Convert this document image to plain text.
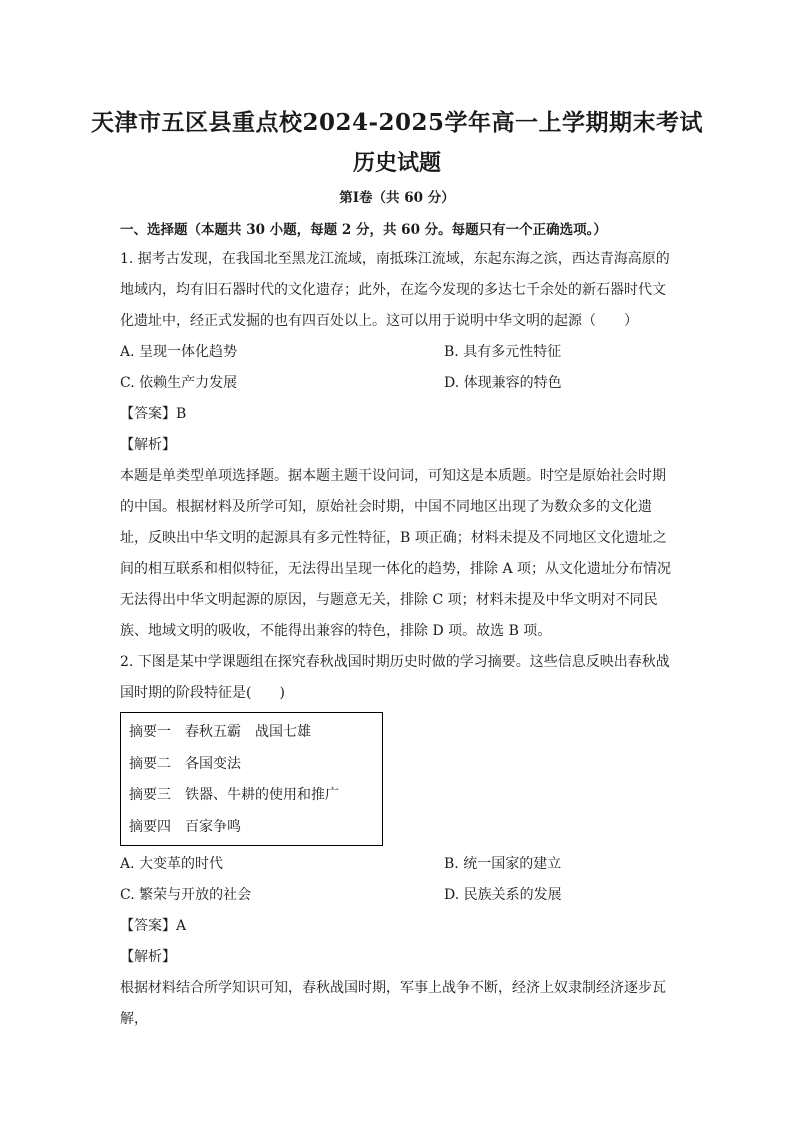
天津市五区县重点校2024-2025学年高一上学期期末考试
历史试题
第Ⅰ卷（共 60 分）
一、选择题（本题共 30 小题，每题 2 分，共 60 分。每题只有一个正确选项。）

1. 据考古发现，在我国北至黑龙江流域，南抵珠江流域，东起东海之滨，西达青海高原的

地域内，均有旧石器时代的文化遗存；此外，在迄今发现的多达七千余处的新石器时代文

化遗址中，经正式发掘的也有四百处以上。这可以用于说明中华文明的起源（　　）

A. 呈现一体化趋势	B. 具有多元性特征
C. 依赖生产力发展	D. 体现兼容的特色

【答案】B

【解析】

本题是单类型单项选择题。据本题主题干设问词，可知这是本质题。时空是原始社会时期

的中国。根据材料及所学可知，原始社会时期，中国不同地区出现了为数众多的文化遗

址，反映出中华文明的起源具有多元性特征，B 项正确；材料未提及不同地区文化遗址之

间的相互联系和相似特征，无法得出呈现一体化的趋势，排除 A 项；从文化遗址分布情况

无法得出中华文明起源的原因，与题意无关，排除 C 项；材料未提及中华文明对不同民

族、地域文明的吸收，不能得出兼容的特色，排除 D 项。故选 B 项。

2. 下图是某中学课题组在探究春秋战国时期历史时做的学习摘要。这些信息反映出春秋战

国时期的阶段特征是(　　)

摘要一　春秋五霸　战国七雄

摘要二　各国变法

摘要三　铁器、牛耕的使用和推广

摘要四　百家争鸣

A. 大变革的时代	B. 统一国家的建立
C. 繁荣与开放的社会	D. 民族关系的发展

【答案】A

【解析】

根据材料结合所学知识可知，春秋战国时期，军事上战争不断，经济上奴隶制经济逐步瓦解，
